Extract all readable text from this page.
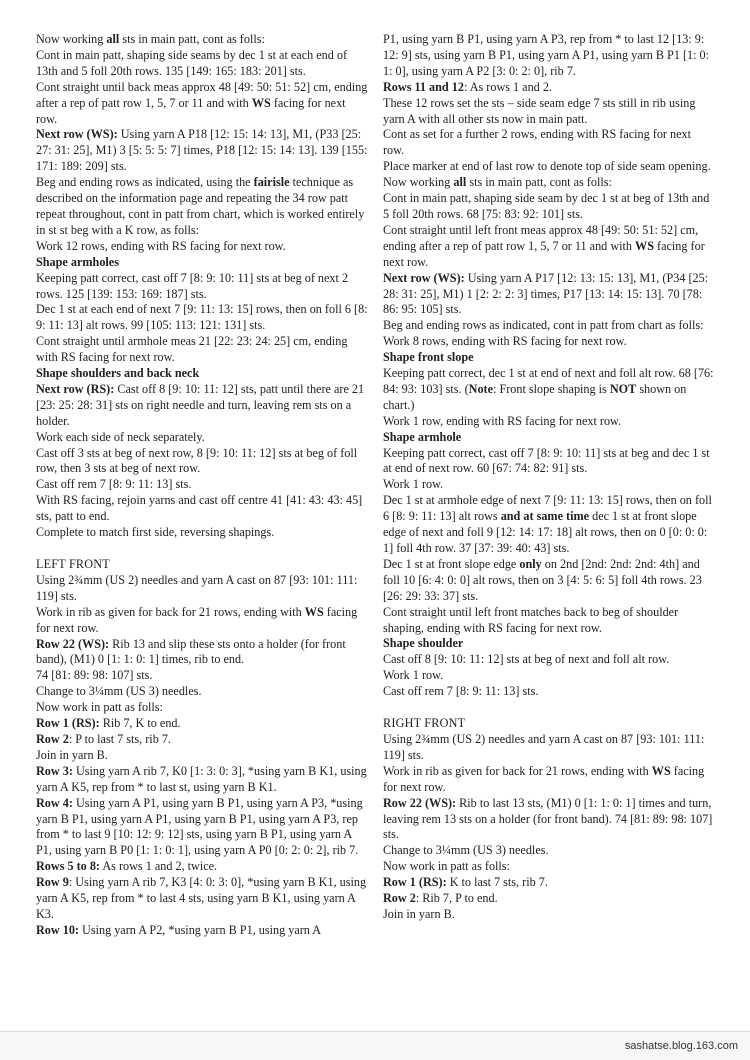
Now working all sts in main patt, cont as folls:

Cont in main patt, shaping side seams by dec 1 st at each end of 13th and 5 foll 20th rows. 135 [149: 165: 183: 201] sts.

Cont straight until back meas approx 48 [49: 50: 51: 52] cm, ending after a rep of patt row 1, 5, 7 or 11 and with WS facing for next row.

Next row (WS): Using yarn A P18 [12: 15: 14: 13], M1, (P33 [25: 27: 31: 25], M1) 3 [5: 5: 5: 7] times, P18 [12: 15: 14: 13]. 139 [155: 171: 189: 209] sts.

Beg and ending rows as indicated, using the fairisle technique as described on the information page and repeating the 34 row patt repeat throughout, cont in patt from chart, which is worked entirely in st st beg with a K row, as folls:

Work 12 rows, ending with RS facing for next row.

Shape armholes

Keeping patt correct, cast off 7 [8: 9: 10: 11] sts at beg of next 2 rows. 125 [139: 153: 169: 187] sts.

Dec 1 st at each end of next 7 [9: 11: 13: 15] rows, then on foll 6 [8: 9: 11: 13] alt rows. 99 [105: 113: 121: 131] sts.

Cont straight until armhole meas 21 [22: 23: 24: 25] cm, ending with RS facing for next row.

Shape shoulders and back neck

Next row (RS): Cast off 8 [9: 10: 11: 12] sts, patt until there are 21 [23: 25: 28: 31] sts on right needle and turn, leaving rem sts on a holder.

Work each side of neck separately.

Cast off 3 sts at beg of next row, 8 [9: 10: 11: 12] sts at beg of foll row, then 3 sts at beg of next row.

Cast off rem 7 [8: 9: 11: 13] sts.

With RS facing, rejoin yarns and cast off centre 41 [41: 43: 43: 45] sts, patt to end.

Complete to match first side, reversing shapings.

LEFT FRONT

Using 2¾mm (US 2) needles and yarn A cast on 87 [93: 101: 111: 119] sts.

Work in rib as given for back for 21 rows, ending with WS facing for next row.

Row 22 (WS): Rib 13 and slip these sts onto a holder (for front band), (M1) 0 [1: 1: 0: 1] times, rib to end.

74 [81: 89: 98: 107] sts.

Change to 3¼mm (US 3) needles.

Now work in patt as folls:

Row 1 (RS): Rib 7, K to end.

Row 2: P to last 7 sts, rib 7.

Join in yarn B.

Row 3: Using yarn A rib 7, K0 [1: 3: 0: 3], *using yarn B K1, using yarn A K5, rep from * to last st, using yarn B K1.

Row 4: Using yarn A P1, using yarn B P1, using yarn A P3, *using yarn B P1, using yarn A P1, using yarn B P1, using yarn A P3, rep from * to last 9 [10: 12: 9: 12] sts, using yarn B P1, using yarn A P1, using yarn B P0 [1: 1: 0: 1], using yarn A P0 [0: 2: 0: 2], rib 7.

Rows 5 to 8: As rows 1 and 2, twice.

Row 9: Using yarn A rib 7, K3 [4: 0: 3: 0], *using yarn B K1, using yarn A K5, rep from * to last 4 sts, using yarn B K1, using yarn A K3.

Row 10: Using yarn A P2, *using yarn B P1, using yarn A

P1, using yarn B P1, using yarn A P3, rep from * to last 12 [13: 9: 12: 9] sts, using yarn B P1, using yarn A P1, using yarn B P1 [1: 0: 1: 0], using yarn A P2 [3: 0: 2: 0], rib 7.

Rows 11 and 12: As rows 1 and 2.

These 12 rows set the sts – side seam edge 7 sts still in rib using yarn A with all other sts now in main patt.

Cont as set for a further 2 rows, ending with RS facing for next row.

Place marker at end of last row to denote top of side seam opening.

Now working all sts in main patt, cont as folls:

Cont in main patt, shaping side seam by dec 1 st at beg of 13th and 5 foll 20th rows. 68 [75: 83: 92: 101] sts.

Cont straight until left front meas approx 48 [49: 50: 51: 52] cm, ending after a rep of patt row 1, 5, 7 or 11 and with WS facing for next row.

Next row (WS): Using yarn A P17 [12: 13: 15: 13], M1, (P34 [25: 28: 31: 25], M1) 1 [2: 2: 2: 3] times, P17 [13: 14: 15: 13]. 70 [78: 86: 95: 105] sts.

Beg and ending rows as indicated, cont in patt from chart as folls:

Work 8 rows, ending with RS facing for next row.

Shape front slope

Keeping patt correct, dec 1 st at end of next and foll alt row. 68 [76: 84: 93: 103] sts. (Note: Front slope shaping is NOT shown on chart.)

Work 1 row, ending with RS facing for next row.

Shape armhole

Keeping patt correct, cast off 7 [8: 9: 10: 11] sts at beg and dec 1 st at end of next row. 60 [67: 74: 82: 91] sts.

Work 1 row.

Dec 1 st at armhole edge of next 7 [9: 11: 13: 15] rows, then on foll 6 [8: 9: 11: 13] alt rows and at same time dec 1 st at front slope edge of next and foll 9 [12: 14: 17: 18] alt rows, then on 0 [0: 0: 0: 1] foll 4th row. 37 [37: 39: 40: 43] sts.

Dec 1 st at front slope edge only on 2nd [2nd: 2nd: 2nd: 4th] and foll 10 [6: 4: 0: 0] alt rows, then on 3 [4: 5: 6: 5] foll 4th rows. 23 [26: 29: 33: 37] sts.

Cont straight until left front matches back to beg of shoulder shaping, ending with RS facing for next row.

Shape shoulder

Cast off 8 [9: 10: 11: 12] sts at beg of next and foll alt row.

Work 1 row.

Cast off rem 7 [8: 9: 11: 13] sts.

RIGHT FRONT

Using 2¾mm (US 2) needles and yarn A cast on 87 [93: 101: 111: 119] sts.

Work in rib as given for back for 21 rows, ending with WS facing for next row.

Row 22 (WS): Rib to last 13 sts, (M1) 0 [1: 1: 0: 1] times and turn, leaving rem 13 sts on a holder (for front band). 74 [81: 89: 98: 107] sts.

Change to 3¼mm (US 3) needles.

Now work in patt as folls:

Row 1 (RS): K to last 7 sts, rib 7.

Row 2: Rib 7, P to end.

Join in yarn B.

sashatse.blog.163.com
